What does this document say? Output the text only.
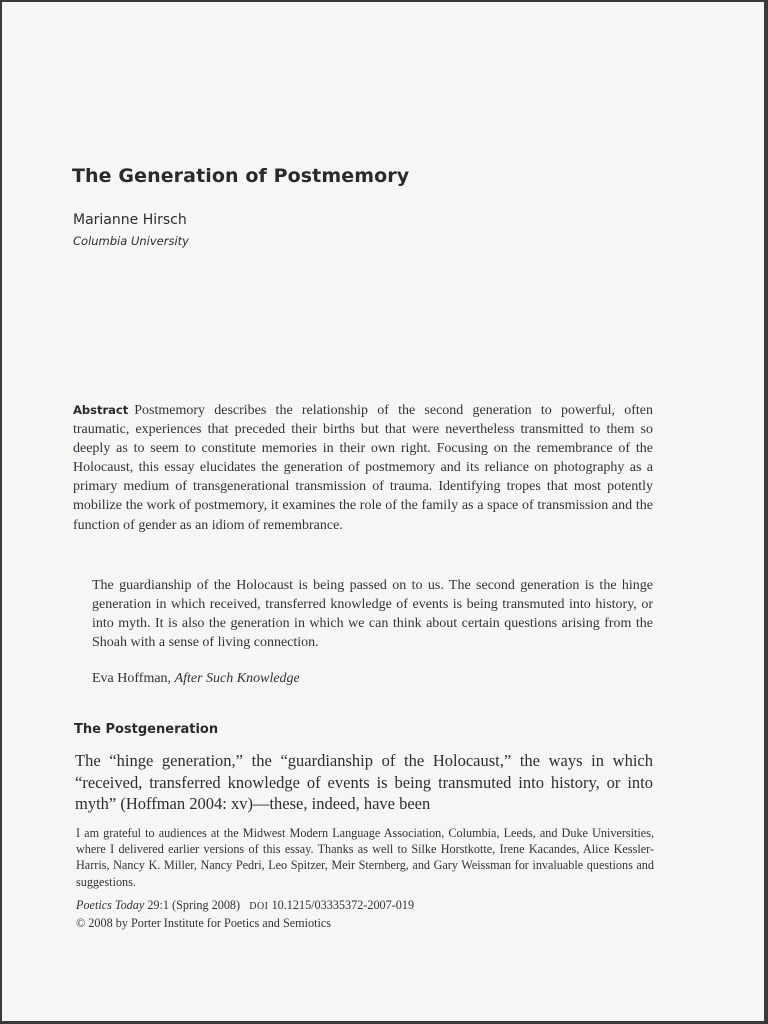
The Generation of Postmemory
Marianne Hirsch
Columbia University
Abstract Postmemory describes the relationship of the second generation to powerful, often traumatic, experiences that preceded their births but that were nevertheless transmitted to them so deeply as to seem to constitute memories in their own right. Focusing on the remembrance of the Holocaust, this essay elucidates the generation of postmemory and its reliance on photography as a primary medium of transgenerational transmission of trauma. Identifying tropes that most potently mobilize the work of postmemory, it examines the role of the family as a space of transmission and the function of gender as an idiom of remembrance.
The guardianship of the Holocaust is being passed on to us. The second generation is the hinge generation in which received, transferred knowledge of events is being transmuted into history, or into myth. It is also the generation in which we can think about certain questions arising from the Shoah with a sense of living connection.
Eva Hoffman, After Such Knowledge
The Postgeneration
The “hinge generation,” the “guardianship of the Holocaust,” the ways in which “received, transferred knowledge of events is being transmuted into history, or into myth” (Hoffman 2004: xv)—these, indeed, have been
I am grateful to audiences at the Midwest Modern Language Association, Columbia, Leeds, and Duke Universities, where I delivered earlier versions of this essay. Thanks as well to Silke Horstkotte, Irene Kacandes, Alice Kessler-Harris, Nancy K. Miller, Nancy Pedri, Leo Spitzer, Meir Sternberg, and Gary Weissman for invaluable questions and suggestions.
Poetics Today 29:1 (Spring 2008) DOI 10.1215/03335372-2007-019
© 2008 by Porter Institute for Poetics and Semiotics
